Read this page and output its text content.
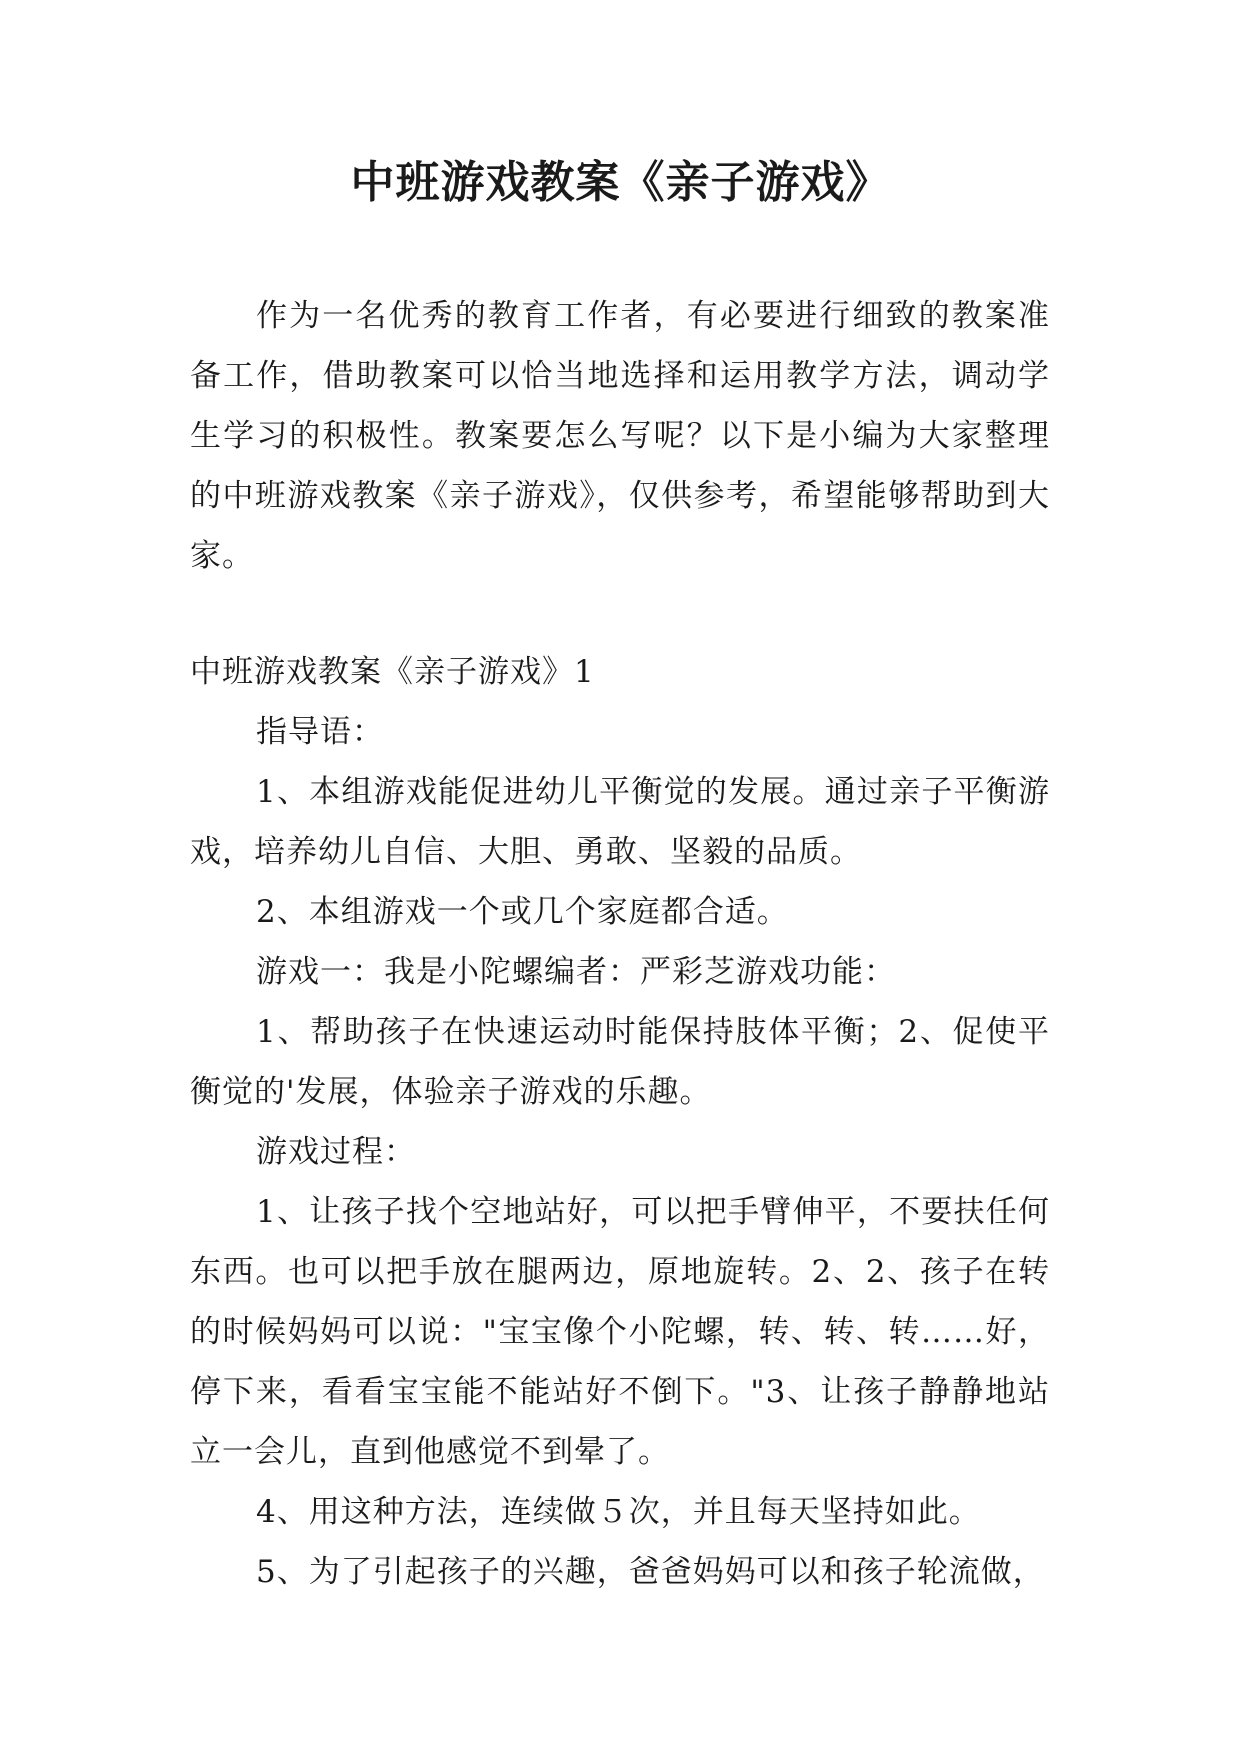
中班游戏教案《亲子游戏》

作为一名优秀的教育工作者，有必要进行细致的教案准备工作，借助教案可以恰当地选择和运用教学方法，调动学生学习的积极性。教案要怎么写呢？以下是小编为大家整理的中班游戏教案《亲子游戏》，仅供参考，希望能够帮助到大家。

中班游戏教案《亲子游戏》1

指导语：

1、本组游戏能促进幼儿平衡觉的发展。通过亲子平衡游戏，培养幼儿自信、大胆、勇敢、坚毅的品质。

2、本组游戏一个或几个家庭都合适。

游戏一：我是小陀螺编者：严彩芝游戏功能：

1、帮助孩子在快速运动时能保持肢体平衡；2、促使平衡觉的'发展，体验亲子游戏的乐趣。

游戏过程：

1、让孩子找个空地站好，可以把手臂伸平，不要扶任何东西。也可以把手放在腿两边，原地旋转。2、2、孩子在转的时候妈妈可以说："宝宝像个小陀螺，转、转、转……好，停下来，看看宝宝能不能站好不倒下。"3、让孩子静静地站立一会儿，直到他感觉不到晕了。

4、用这种方法，连续做５次，并且每天坚持如此。

5、为了引起孩子的兴趣，爸爸妈妈可以和孩子轮流做，
